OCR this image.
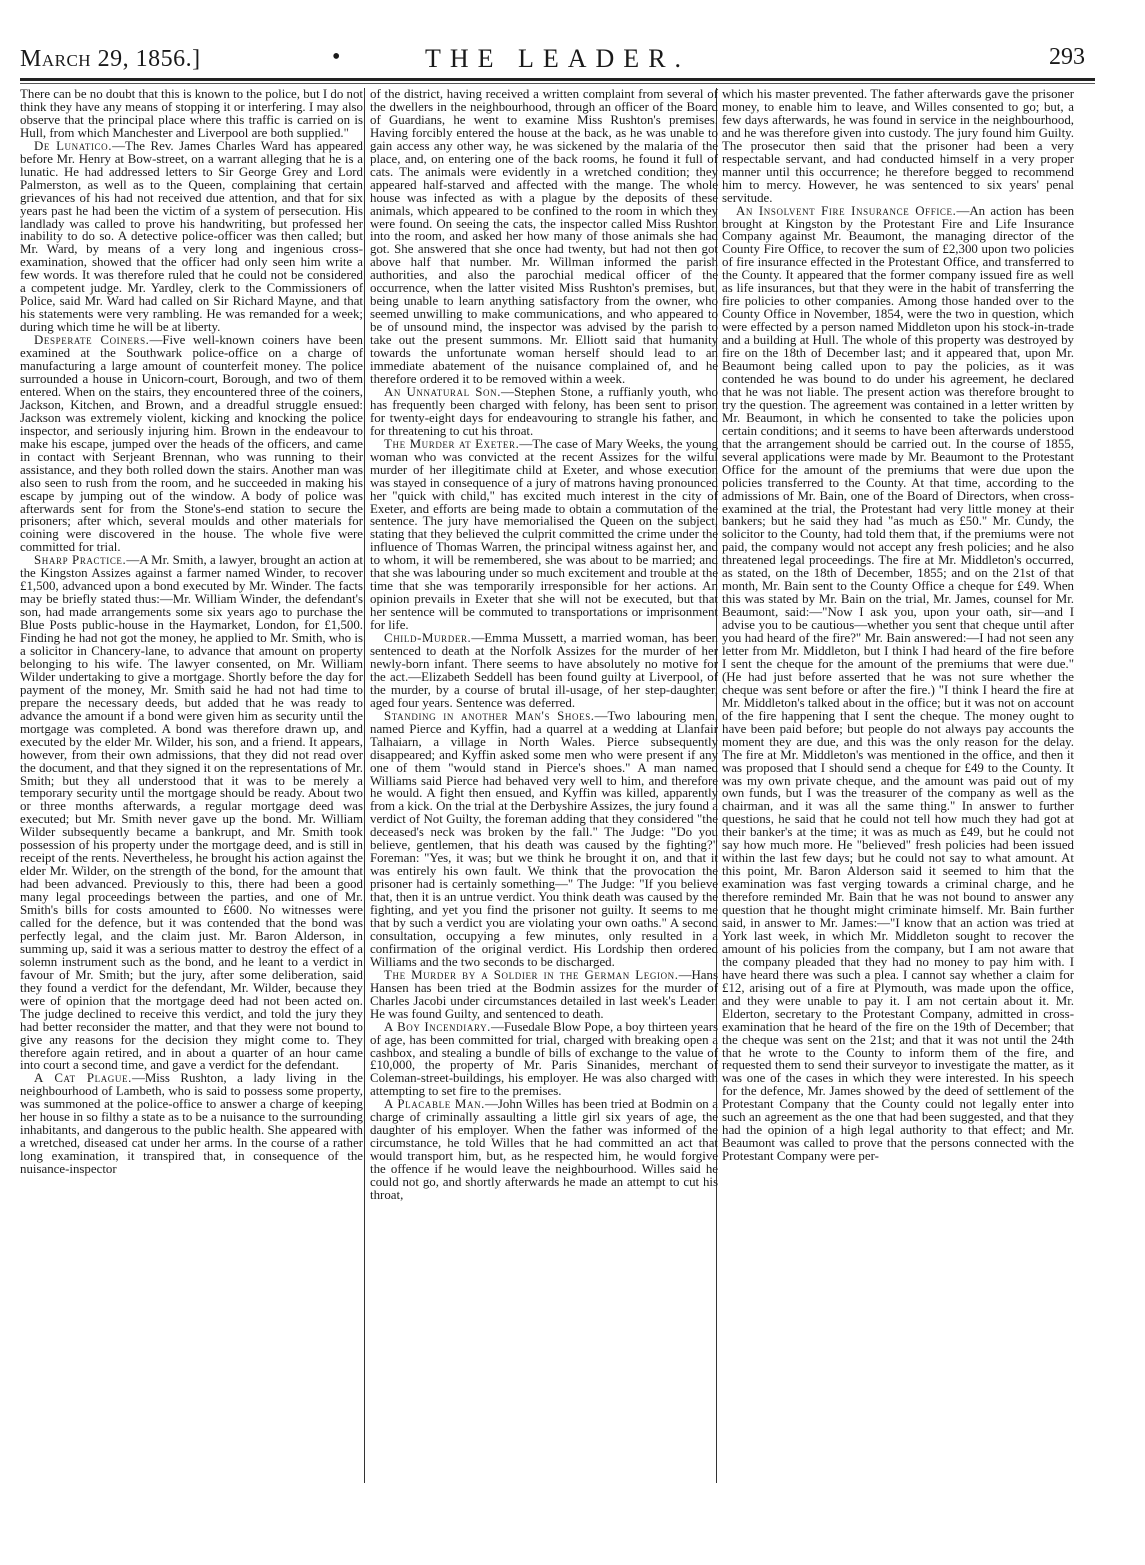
March 29, 1856.]	•	THE LEADER.	293

There can be no doubt that this is known to the police, but I do not think they have any means of stopping it or interfering. I may also observe that the principal place where this traffic is carried on is Hull, from which Manchester and Liverpool are both supplied."

De Lunatico.—The Rev. James Charles Ward has appeared before Mr. Henry at Bow-street, on a warrant alleging that he is a lunatic. He had addressed letters to Sir George Grey and Lord Palmerston, as well as to the Queen, complaining that certain grievances of his had not received due attention, and that for six years past he had been the victim of a system of persecution. His landlady was called to prove his handwriting, but professed her inability to do so. A detective police-officer was then called; but Mr. Ward, by means of a very long and ingenious cross-examination, showed that the officer had only seen him write a few words. It was therefore ruled that he could not be considered a competent judge. Mr. Yardley, clerk to the Commissioners of Police, said Mr. Ward had called on Sir Richard Mayne, and that his statements were very rambling. He was remanded for a week; during which time he will be at liberty.

Desperate Coiners.—Five well-known coiners have been examined at the Southwark police-office on a charge of manufacturing a large amount of counterfeit money. The police surrounded a house in Unicorn-court, Borough, and two of them entered. When on the stairs, they encountered three of the coiners, Jackson, Kitchen, and Brown, and a dreadful struggle ensued: Jackson was extremely violent, kicking and knocking the police inspector, and seriously injuring him. Brown in the endeavour to make his escape, jumped over the heads of the officers, and came in contact with Serjeant Brennan, who was running to their assistance, and they both rolled down the stairs. Another man was also seen to rush from the room, and he succeeded in making his escape by jumping out of the window. A body of police was afterwards sent for from the Stone's-end station to secure the prisoners; after which, several moulds and other materials for coining were discovered in the house. The whole five were committed for trial.

Sharp Practice.—A Mr. Smith, a lawyer, brought an action at the Kingston Assizes against a farmer named Winder, to recover £1,500, advanced upon a bond executed by Mr. Winder. The facts may be briefly stated thus:—Mr. William Winder, the defendant's son, had made arrangements some six years ago to purchase the Blue Posts public-house in the Haymarket, London, for £1,500. Finding he had not got the money, he applied to Mr. Smith, who is a solicitor in Chancery-lane, to advance that amount on property belonging to his wife. The lawyer consented, on Mr. William Wilder undertaking to give a mortgage. Shortly before the day for payment of the money, Mr. Smith said he had not had time to prepare the necessary deeds, but added that he was ready to advance the amount if a bond were given him as security until the mortgage was completed. A bond was therefore drawn up, and executed by the elder Mr. Wilder, his son, and a friend. It appears, however, from their own admissions, that they did not read over the document, and that they signed it on the representations of Mr. Smith; but they all understood that it was to be merely a temporary security until the mortgage should be ready. About two or three months afterwards, a regular mortgage deed was executed; but Mr. Smith never gave up the bond. Mr. William Wilder subsequently became a bankrupt, and Mr. Smith took possession of his property under the mortgage deed, and is still in receipt of the rents. Nevertheless, he brought his action against the elder Mr. Wilder, on the strength of the bond, for the amount that had been advanced. Previously to this, there had been a good many legal proceedings between the parties, and one of Mr. Smith's bills for costs amounted to £600. No witnesses were called for the defence, but it was contended that the bond was perfectly legal, and the claim just. Mr. Baron Alderson, in summing up, said it was a serious matter to destroy the effect of a solemn instrument such as the bond, and he leant to a verdict in favour of Mr. Smith; but the jury, after some deliberation, said they found a verdict for the defendant, Mr. Wilder, because they were of opinion that the mortgage deed had not been acted on. The judge declined to receive this verdict, and told the jury they had better reconsider the matter, and that they were not bound to give any reasons for the decision they might come to. They therefore again retired, and in about a quarter of an hour came into court a second time, and gave a verdict for the defendant.

A Cat Plague.—Miss Rushton, a lady living in the neighbourhood of Lambeth, who is said to possess some property, was summoned at the police-office to answer a charge of keeping her house in so filthy a state as to be a nuisance to the surrounding inhabitants, and dangerous to the public health. She appeared with a wretched, diseased cat under her arms. In the course of a rather long examination, it transpired that, in consequence of the nuisance-inspector

of the district, having received a written complaint from several of the dwellers in the neighbourhood, through an officer of the Board of Guardians, he went to examine Miss Rushton's premises. Having forcibly entered the house at the back, as he was unable to gain access any other way, he was sickened by the malaria of the place, and, on entering one of the back rooms, he found it full of cats. The animals were evidently in a wretched condition; they appeared half-starved and affected with the mange. The whole house was infected as with a plague by the deposits of these animals, which appeared to be confined to the room in which they were found. On seeing the cats, the inspector called Miss Rushton into the room, and asked her how many of those animals she had got. She answered that she once had twenty, but had not then got above half that number. Mr. Willman informed the parish authorities, and also the parochial medical officer of the occurrence, when the latter visited Miss Rushton's premises, but, being unable to learn anything satisfactory from the owner, who seemed unwilling to make communications, and who appeared to be of unsound mind, the inspector was advised by the parish to take out the present summons. Mr. Elliott said that humanity towards the unfortunate woman herself should lead to an immediate abatement of the nuisance complained of, and he therefore ordered it to be removed within a week.

An Unnatural Son.—Stephen Stone, a ruffianly youth, who has frequently been charged with felony, has been sent to prison for twenty-eight days for endeavouring to strangle his father, and for threatening to cut his throat.

The Murder at Exeter.—The case of Mary Weeks, the young woman who was convicted at the recent Assizes for the wilful murder of her illegitimate child at Exeter, and whose execution was stayed in consequence of a jury of matrons having pronounced her "quick with child," has excited much interest in the city of Exeter, and efforts are being made to obtain a commutation of the sentence. The jury have memorialised the Queen on the subject, stating that they believed the culprit committed the crime under the influence of Thomas Warren, the principal witness against her, and to whom, it will be remembered, she was about to be married; and that she was labouring under so much excitement and trouble at the time that she was temporarily irresponsible for her actions. An opinion prevails in Exeter that she will not be executed, but that her sentence will be commuted to transportations or imprisonment for life.

Child-Murder.—Emma Mussett, a married woman, has been sentenced to death at the Norfolk Assizes for the murder of her newly-born infant. There seems to have absolutely no motive for the act.—Elizabeth Seddell has been found guilty at Liverpool, of the murder, by a course of brutal ill-usage, of her step-daughter, aged four years. Sentence was deferred.

Standing in another Man's Shoes.—Two labouring men, named Pierce and Kyffin, had a quarrel at a wedding at Llanfair Talhaiarn, a village in North Wales. Pierce subsequently disappeared; and Kyffin asked some men who were present if any one of them "would stand in Pierce's shoes." A man named Williams said Pierce had behaved very well to him, and therefore he would. A fight then ensued, and Kyffin was killed, apparently from a kick. On the trial at the Derbyshire Assizes, the jury found a verdict of Not Guilty, the foreman adding that they considered "the deceased's neck was broken by the fall." The Judge: "Do you believe, gentlemen, that his death was caused by the fighting?" Foreman: "Yes, it was; but we think he brought it on, and that it was entirely his own fault. We think that the provocation the prisoner had is certainly something—" The Judge: "If you believe that, then it is an untrue verdict. You think death was caused by the fighting, and yet you find the prisoner not guilty. It seems to me that by such a verdict you are violating your own oaths." A second consultation, occupying a few minutes, only resulted in a confirmation of the original verdict. His Lordship then ordered Williams and the two seconds to be discharged.

The Murder by a Soldier in the German Legion.—Hans Hansen has been tried at the Bodmin assizes for the murder of Charles Jacobi under circumstances detailed in last week's Leader. He was found Guilty, and sentenced to death.

A Boy Incendiary.—Fusedale Blow Pope, a boy thirteen years of age, has been committed for trial, charged with breaking open a cashbox, and stealing a bundle of bills of exchange to the value of £10,000, the property of Mr. Paris Sinanides, merchant of Coleman-street-buildings, his employer. He was also charged with attempting to set fire to the premises.

A Placable Man.—John Willes has been tried at Bodmin on a charge of criminally assaulting a little girl six years of age, the daughter of his employer. When the father was informed of the circumstance, he told Willes that he had committed an act that would transport him, but, as he respected him, he would forgive the offence if he would leave the neighbourhood. Willes said he could not go, and shortly afterwards he made an attempt to cut his throat,

which his master prevented. The father afterwards gave the prisoner money, to enable him to leave, and Willes consented to go; but, a few days afterwards, he was found in service in the neighbourhood, and he was therefore given into custody. The jury found him Guilty. The prosecutor then said that the prisoner had been a very respectable servant, and had conducted himself in a very proper manner until this occurrence; he therefore begged to recommend him to mercy. However, he was sentenced to six years' penal servitude.

An Insolvent Fire Insurance Office.—An action has been brought at Kingston by the Protestant Fire and Life Insurance Company against Mr. Beaumont, the managing director of the County Fire Office, to recover the sum of £2,300 upon two policies of fire insurance effected in the Protestant Office, and transferred to the County. It appeared that the former company issued fire as well as life insurances, but that they were in the habit of transferring the fire policies to other companies. Among those handed over to the County Office in November, 1854, were the two in question, which were effected by a person named Middleton upon his stock-in-trade and a building at Hull. The whole of this property was destroyed by fire on the 18th of December last; and it appeared that, upon Mr. Beaumont being called upon to pay the policies, as it was contended he was bound to do under his agreement, he declared that he was not liable. The present action was therefore brought to try the question. The agreement was contained in a letter written by Mr. Beaumont, in which he consented to take the policies upon certain conditions; and it seems to have been afterwards understood that the arrangement should be carried out. In the course of 1855, several applications were made by Mr. Beaumont to the Protestant Office for the amount of the premiums that were due upon the policies transferred to the County. At that time, according to the admissions of Mr. Bain, one of the Board of Directors, when cross-examined at the trial, the Protestant had very little money at their bankers; but he said they had "as much as £50." Mr. Cundy, the solicitor to the County, had told them that, if the premiums were not paid, the company would not accept any fresh policies; and he also threatened legal proceedings. The fire at Mr. Middleton's occurred, as stated, on the 18th of December, 1855; and on the 21st of that month, Mr. Bain sent to the County Office a cheque for £49. When this was stated by Mr. Bain on the trial, Mr. James, counsel for Mr. Beaumont, said:—"Now I ask you, upon your oath, sir—and I advise you to be cautious—whether you sent that cheque until after you had heard of the fire?" Mr. Bain answered:—I had not seen any letter from Mr. Middleton, but I think I had heard of the fire before I sent the cheque for the amount of the premiums that were due." (He had just before asserted that he was not sure whether the cheque was sent before or after the fire.) "I think I heard the fire at Mr. Middleton's talked about in the office; but it was not on account of the fire happening that I sent the cheque. The money ought to have been paid before; but people do not always pay accounts the moment they are due, and this was the only reason for the delay. The fire at Mr. Middleton's was mentioned in the office, and then it was proposed that I should send a cheque for £49 to the County. It was my own private cheque, and the amount was paid out of my own funds, but I was the treasurer of the company as well as the chairman, and it was all the same thing." In answer to further questions, he said that he could not tell how much they had got at their banker's at the time; it was as much as £49, but he could not say how much more. He "believed" fresh policies had been issued within the last few days; but he could not say to what amount. At this point, Mr. Baron Alderson said it seemed to him that the examination was fast verging towards a criminal charge, and he therefore reminded Mr. Bain that he was not bound to answer any question that he thought might criminate himself. Mr. Bain further said, in answer to Mr. James:—"I know that an action was tried at York last week, in which Mr. Middleton sought to recover the amount of his policies from the company, but I am not aware that the company pleaded that they had no money to pay him with. I have heard there was such a plea. I cannot say whether a claim for £12, arising out of a fire at Plymouth, was made upon the office, and they were unable to pay it. I am not certain about it. Mr. Elderton, secretary to the Protestant Company, admitted in cross-examination that he heard of the fire on the 19th of December; that the cheque was sent on the 21st; and that it was not until the 24th that he wrote to the County to inform them of the fire, and requested them to send their surveyor to investigate the matter, as it was one of the cases in which they were interested. In his speech for the defence, Mr. James showed by the deed of settlement of the Protestant Company that the County could not legally enter into such an agreement as the one that had been suggested, and that they had the opinion of a high legal authority to that effect; and Mr. Beaumont was called to prove that the persons connected with the Protestant Company were per-
